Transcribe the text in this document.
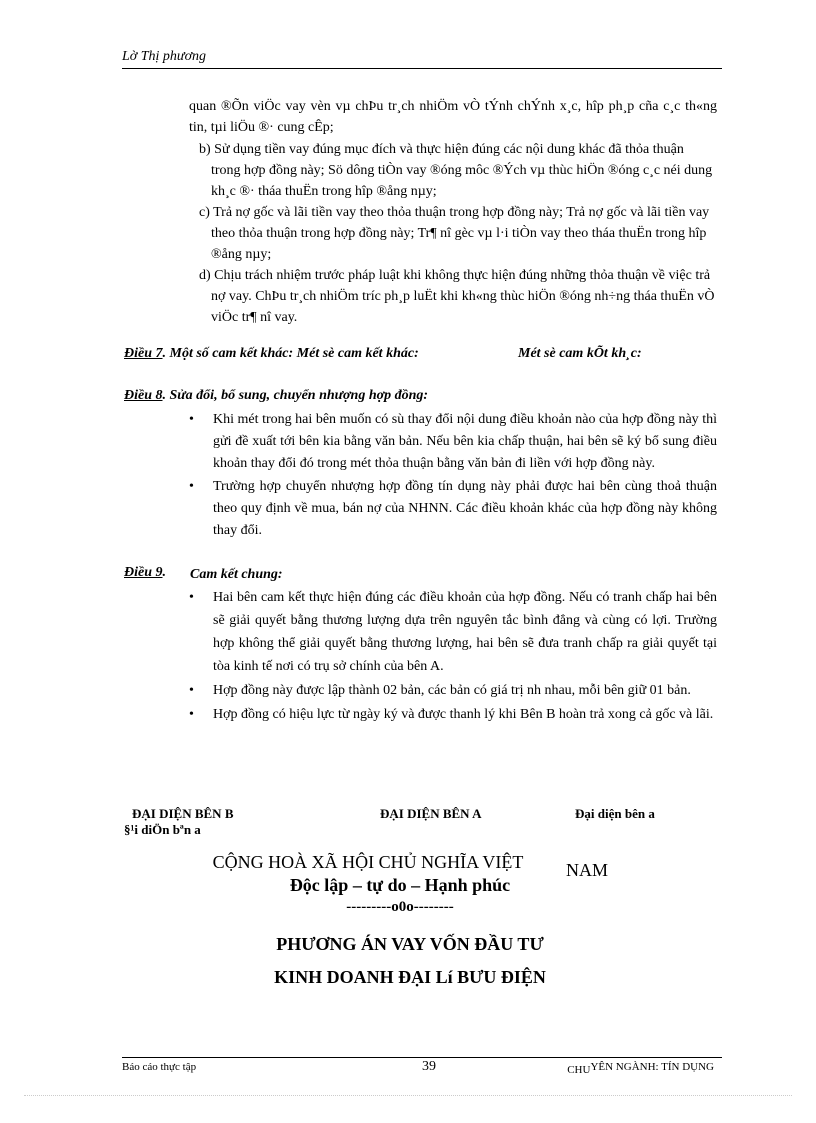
Lờ Thị phương

quan ®Õn viÖc vay vèn vµ chÞu tr¸ch nhiÖm vÒ tÝnh chÝnh x¸c, hîp ph¸p cña c¸c th«ng tin, tµi liÖu ®· cung cÊp;

b) Sử dụng tiền vay đúng mục đích và thực hiện đúng các nội dung khác đã thỏa thuận trong hợp đồng này; Sö dông tiÒn vay ®óng môc ®Ých vµ thùc hiÖn ®óng c¸c néi dung kh¸c ®· tháa thuËn trong hîp ®ång nµy;

c) Trả nợ gốc và lãi tiền vay theo thỏa thuận trong hợp đồng này; Trả nợ gốc và lãi tiền vay theo thỏa thuận trong hợp đồng này; Tr¶ nî gèc vµ l·i tiÒn vay theo tháa thuËn trong hîp ®ång nµy;

d) Chịu trách nhiệm trước pháp luật khi không thực hiện đúng những thỏa thuận về việc trả nợ vay. ChÞu tr¸ch nhiÖm tríc ph¸p luËt khi kh«ng thùc hiÖn ®óng nh÷ng tháa thuËn vÒ viÖc tr¶ nî vay.

Điều 7. Một số cam kết khác: Mét sè cam kết khác:	Mét sè cam kÕt kh¸c:
Điều 8. Sửa đổi, bổ sung, chuyển nhượng hợp đồng:

• Khi mét trong hai bên muốn có sù thay đổi nội dung điều khoản nào của hợp đồng này thì gửi đề xuất tới bên kia bằng văn bản. Nếu bên kia chấp thuận, hai bên sẽ ký bổ sung điều khoản thay đổi đó trong mét thỏa thuận bằng văn bản đi liền với hợp đồng này.

• Trường hợp chuyển nhượng hợp đồng tín dụng này phải được hai bên cùng thoả thuận theo quy định về mua, bán nợ của NHNN. Các điều khoản khác của hợp đồng này không thay đổi.

Điều 9. Cam kết chung:

• Hai bên cam kết thực hiện đúng các điều khoản của hợp đồng. Nếu có tranh chấp hai bên sẽ giải quyết bằng thương lượng dựa trên nguyên tắc bình đẳng và cùng có lợi. Trường hợp không thể giải quyết bằng thương lượng, hai bên sẽ đưa tranh chấp ra giải quyết tại tòa kinh tế nơi có trụ sở chính của bên A.

• Hợp đồng này được lập thành 02 bản, các bản có giá trị nh nhau, mỗi bên giữ 01 bản.

• Hợp đồng có hiệu lực từ ngày ký và được thanh lý khi Bên B hoàn trả xong cả gốc và lãi.

ĐẠI DIỆN BÊN B	ĐẠI DIỆN BÊN A	Đại diện bên a
§¹i diÖn bªn a
CỘNG HOÀ XÃ HỘI CHỦ NGHĨA VIỆT	NAM
Độc lập – tự do – Hạnh phúc
---------o0o--------
PHƯƠNG ÁN VAY VỐN ĐẦU TƯ
KINH DOANH ĐẠI Lí BƯU ĐIỆN
Báo cáo thực tập	39	CHUYÊN NGÀNH: TÍN DỤNG
